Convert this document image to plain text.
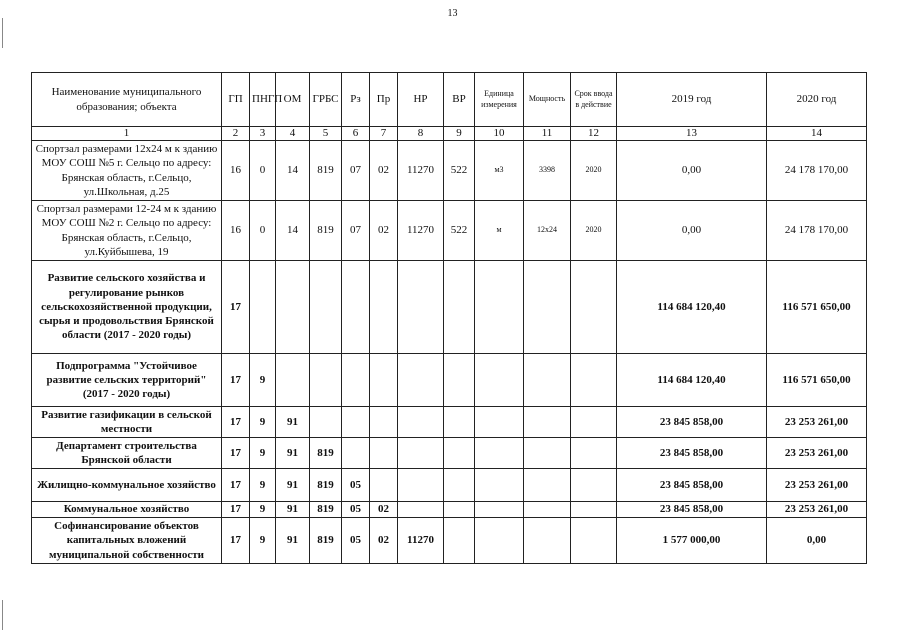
13
Наименование муниципального образования; объекта	ГП	ПНГП	ОМ	ГРБС	Рз	Пр	НР	ВР	Единица измерения	Мощность	Срок ввода в действие	2019 год	2020 год
1	2	3	4	5	6	7	8	9	10	11	12	13	14
Спортзал размерами 12х24 м к зданию МОУ СОШ №5 г. Сельцо по адресу: Брянская область, г.Сельцо, ул.Школьная, д.25	16	0	14	819	07	02	11270	522	м3	3398	2020	0,00	24 178 170,00
Спортзал размерами 12-24 м к зданию МОУ СОШ №2 г. Сельцо по адресу: Брянская область, г.Сельцо, ул.Куйбышева, 19	16	0	14	819	07	02	11270	522	м	12х24	2020	0,00	24 178 170,00
Развитие сельского хозяйства и регулирование рынков сельскохозяйственной продукции, сырья и продовольствия Брянской области (2017 - 2020 годы)	17											114 684 120,40	116 571 650,00
Подпрограмма "Устойчивое развитие сельских территорий" (2017 - 2020 годы)	17	9										114 684 120,40	116 571 650,00
Развитие газификации в сельской местности	17	9	91									23 845 858,00	23 253 261,00
Департамент строительства Брянской области	17	9	91	819								23 845 858,00	23 253 261,00
Жилищно-коммунальное хозяйство	17	9	91	819	05							23 845 858,00	23 253 261,00
Коммунальное хозяйство	17	9	91	819	05	02						23 845 858,00	23 253 261,00
Софинансирование объектов капитальных вложений муниципальной собственности	17	9	91	819	05	02	11270					1 577 000,00	0,00
